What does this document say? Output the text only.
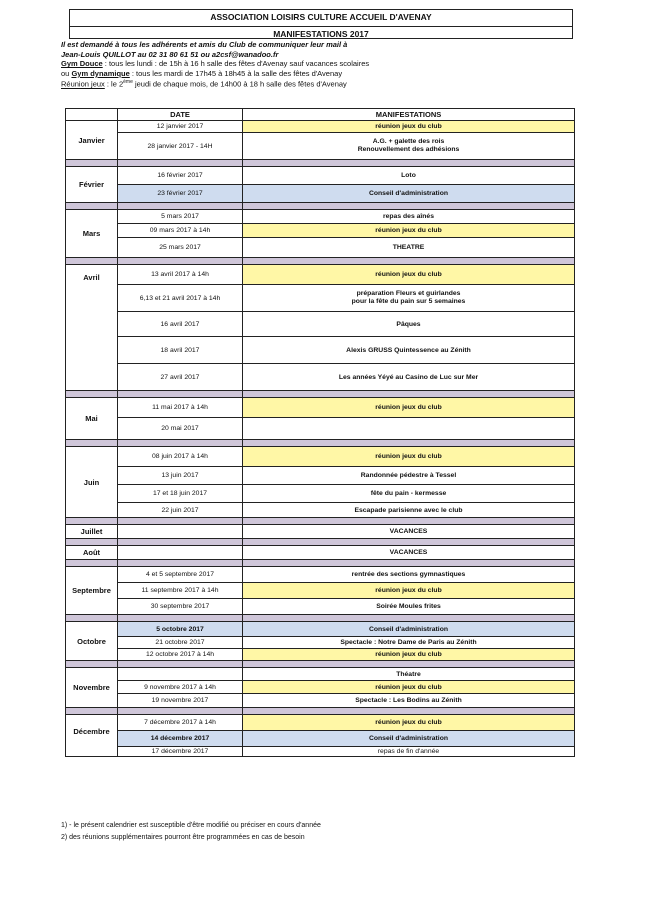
ASSOCIATION LOISIRS CULTURE ACCUEIL D'AVENAY
MANIFESTATIONS 2017
Il est demandé à tous les adhérents et amis du Club de communiquer leur mail à
Jean-Louis QUILLOT au 02 31 80 61 51 ou a2csf@wanadoo.fr
Gym Douce : tous les lundi : de 15h à 16 h salle des fêtes d'Avenay sauf vacances scolaires
ou Gym dynamique : tous les mardi de 17h45 à 18h45 à la salle des fêtes d'Avenay
Réunion jeux : le 2ème jeudi de chaque mois, de 14h00 à 18 h salle des fêtes d'Avenay
	DATE	MANIFESTATIONS
Janvier	12 janvier 2017	réunion jeux du club
	28 janvier 2017 - 14H	A.G. + galette des rois
Renouvellement des adhésions

Février	16 février 2017	Loto
	23 février 2017	Conseil d'administration

Mars	5 mars 2017	repas des aînés
	09 mars 2017 à 14h	réunion jeux du club
	25 mars 2017	THEATRE

Avril	13 avril 2017 à 14h	réunion jeux du club
	6,13 et 21 avril 2017 à 14h	préparation Fleurs et guirlandes
pour la fête du pain sur 5 semaines

	16 avril 2017	Pâques
	18 avril 2017	Alexis GRUSS Quintessence au Zénith
	27 avril 2017	Les années Yéyé au Casino de Luc sur Mer

Mai	11 mai 2017 à 14h	réunion jeux du club
	20 mai 2017	

Juin	08 juin 2017 à 14h	réunion jeux du club
	13 juin 2017	Randonnée pédestre à Tessel
	17 et 18 juin 2017	fête du pain - kermesse
	22 juin 2017	Escapade parisienne avec le club

Juillet		VACANCES

Août		VACANCES

Septembre	4 et 5 septembre 2017	rentrée des sections gymnastiques
	11 septembre 2017 à 14h	réunion jeux du club
	30 septembre 2017	Soirée Moules frites

Octobre	5 octobre 2017	Conseil d'administration
	21 octobre 2017	Spectacle : Notre Dame de Paris au Zénith
	12 octobre 2017 à 14h	réunion jeux du club

Novembre		Théatre
	9 novembre 2017 à 14h	réunion jeux du club
	19 novembre 2017	Spectacle : Les Bodins au Zénith

Décembre	7 décembre 2017 à 14h	réunion jeux du club
	14 décembre 2017	Conseil d'administration
	17 décembre 2017	repas de fin d'année
1) - le présent calendrier est susceptible d'être modifié ou préciser en cours d'année
2) des réunions supplémentaires pourront être programmées en cas de besoin
